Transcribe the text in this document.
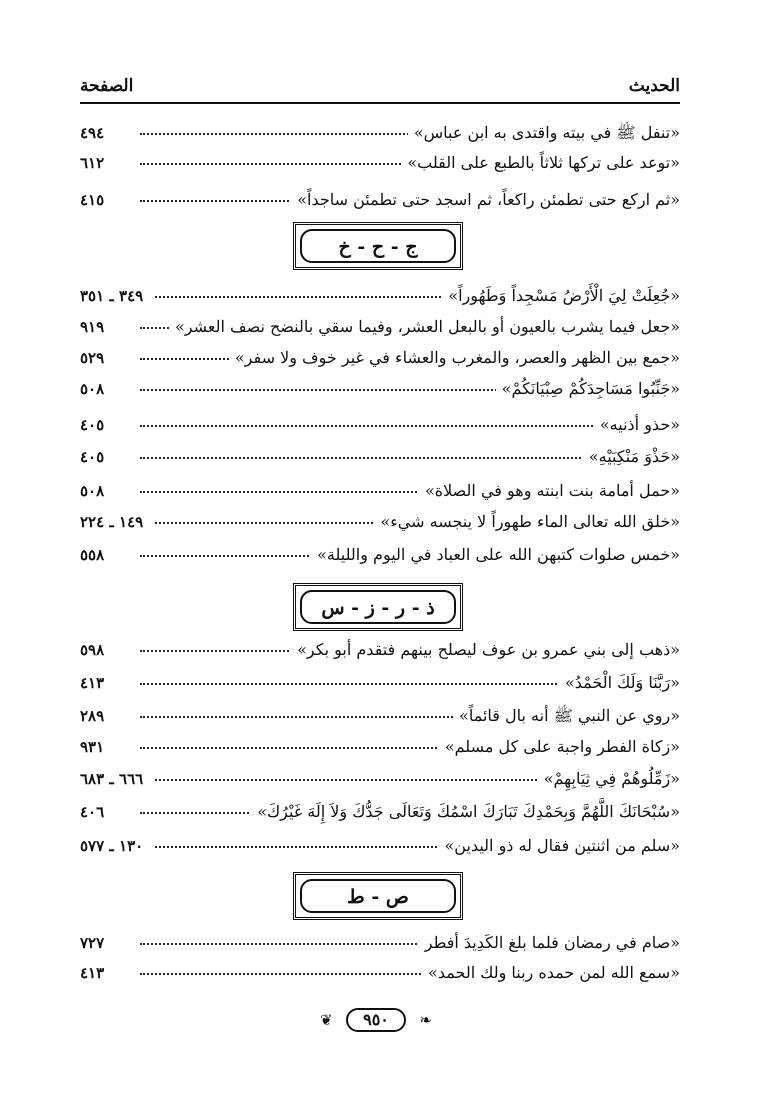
الحديث
الصفحة
«تنفل ﷺ في بيته واقتدى به ابن عباس»
٤٩٤
«توعد على تركها ثلاثاً بالطبع على القلب»
٦١٢
«ثم اركع حتى تطمئن راكعاً، ثم اسجد حتى تطمئن ساجداً»
٤١٥
ج - ح - خ
«جُعِلَتْ لِيَ الْأَرْضُ مَسْجِداً وَطَهُوراً»
٣٤٩ ـ ٣٥١
«جعل فيما يشرب بالعيون أو بالبعل العشر، وفيما سقي بالنضح نصف العشر»
٩١٩
«جمع بين الظهر والعصر، والمغرب والعشاء في غير خوف ولا سفر»
٥٢٩
«جَنِّبُوا مَسَاجِدَكُمْ صِبْيَانَكُمْ»
٥٠٨
«حذو أذنيه»
٤٠٥
«حَذْوَ مَنْكِبَيْهِ»
٤٠٥
«حمل أمامة بنت ابنته وهو في الصلاة»
٥٠٨
«خلق الله تعالى الماء طهوراً لا ينجسه شيء»
١٤٩ ـ ٢٢٤
«خمس صلوات كتبهن الله على العباد في اليوم والليلة»
٥٥٨
ذ - ر - ز - س
«ذهب إلى بني عمرو بن عوف ليصلح بينهم فتقدم أبو بكر»
٥٩٨
«رَبَّنَا وَلَكَ الْحَمْدُ»
٤١٣
«روي عن النبي ﷺ أنه بال قائماً»
٢٨٩
«زكاة الفطر واجبة على كل مسلم»
٩٣١
«زَمِّلُوهُمْ فِي ثِيَابِهِمْ»
٦٦٦ ـ ٦٨٣
«سُبْحَانَكَ اللَّهُمَّ وَبِحَمْدِكَ تَبَارَكَ اسْمُكَ وَتَعَالَى جَدُّكَ وَلاَ إِلَهَ غَيْرُكَ»
٤٠٦
«سلم من اثنتين فقال له ذو اليدين»
١٣٠ ـ ٥٧٧
ص - ط
«صام في رمضان فلما بلغ الكَدِيدَ أفطر
٧٢٧
«سمع الله لمن حمده ربنا ولك الحمد»
٤١٣
❦	٩٥٠	❧
